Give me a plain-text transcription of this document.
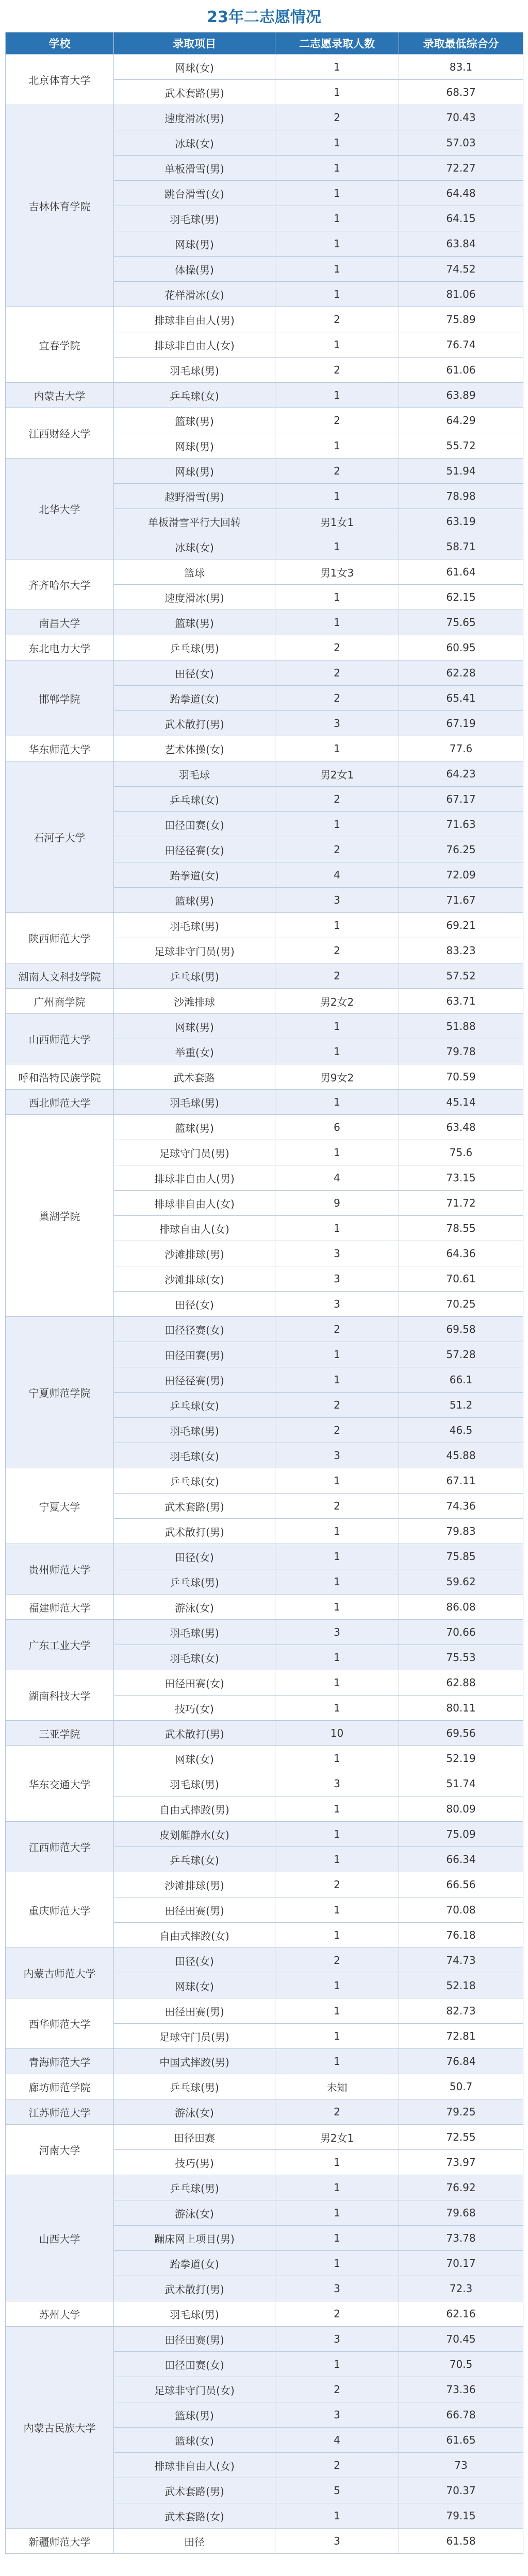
23年二志愿情况
学校	录取项目	二志愿录取人数	录取最低综合分
北京体育大学	网球(女)	1	83.1
	武术套路(男)	1	68.37
吉林体育学院	速度滑冰(男)	2	70.43
	冰球(女)	1	57.03
	单板滑雪(男)	1	72.27
	跳台滑雪(女)	1	64.48
	羽毛球(男)	1	64.15
	网球(男)	1	63.84
	体操(男)	1	74.52
	花样滑冰(女)	1	81.06
宜春学院	排球非自由人(男)	2	75.89
	排球非自由人(女)	1	76.74
	羽毛球(男)	2	61.06
内蒙古大学	乒乓球(女)	1	63.89
江西财经大学	篮球(男)	2	64.29
	网球(男)	1	55.72
北华大学	网球(男)	2	51.94
	越野滑雪(男)	1	78.98
	单板滑雪平行大回转	男1女1	63.19
	冰球(女)	1	58.71
齐齐哈尔大学	篮球	男1女3	61.64
	速度滑冰(男)	1	62.15
南昌大学	篮球(男)	1	75.65
东北电力大学	乒乓球(男)	2	60.95
邯郸学院	田径(女)	2	62.28
	跆拳道(女)	2	65.41
	武术散打(男)	3	67.19
华东师范大学	艺术体操(女)	1	77.6
石河子大学	羽毛球	男2女1	64.23
	乒乓球(女)	2	67.17
	田径田赛(女)	1	71.63
	田径径赛(女)	2	76.25
	跆拳道(女)	4	72.09
	篮球(男)	3	71.67
陕西师范大学	羽毛球(男)	1	69.21
	足球非守门员(男)	2	83.23
湖南人文科技学院	乒乓球(男)	2	57.52
广州商学院	沙滩排球	男2女2	63.71
山西师范大学	网球(男)	1	51.88
	举重(女)	1	79.78
呼和浩特民族学院	武术套路	男9女2	70.59
西北师范大学	羽毛球(男)	1	45.14
巢湖学院	篮球(男)	6	63.48
	足球守门员(男)	1	75.6
	排球非自由人(男)	4	73.15
	排球非自由人(女)	9	71.72
	排球自由人(女)	1	78.55
	沙滩排球(男)	3	64.36
	沙滩排球(女)	3	70.61
	田径(女)	3	70.25
宁夏师范学院	田径径赛(女)	2	69.58
	田径田赛(男)	1	57.28
	田径径赛(男)	1	66.1
	乒乓球(女)	2	51.2
	羽毛球(男)	2	46.5
	羽毛球(女)	3	45.88
宁夏大学	乒乓球(女)	1	67.11
	武术套路(男)	2	74.36
	武术散打(男)	1	79.83
贵州师范大学	田径(女)	1	75.85
	乒乓球(男)	1	59.62
福建师范大学	游泳(女)	1	86.08
广东工业大学	羽毛球(男)	3	70.66
	羽毛球(女)	1	75.53
湖南科技大学	田径田赛(女)	1	62.88
	技巧(女)	1	80.11
三亚学院	武术散打(男)	10	69.56
华东交通大学	网球(女)	1	52.19
	羽毛球(男)	3	51.74
	自由式摔跤(男)	1	80.09
江西师范大学	皮划艇静水(女)	1	75.09
	乒乓球(女)	1	66.34
重庆师范大学	沙滩排球(男)	2	66.56
	田径田赛(男)	1	70.08
	自由式摔跤(女)	1	76.18
内蒙古师范大学	田径(女)	2	74.73
	网球(女)	1	52.18
西华师范大学	田径田赛(男)	1	82.73
	足球守门员(男)	1	72.81
青海师范大学	中国式摔跤(男)	1	76.84
廊坊师范学院	乒乓球(男)	未知	50.7
江苏师范大学	游泳(女)	2	79.25
河南大学	田径田赛	男2女1	72.55
	技巧(男)	1	73.97
山西大学	乒乓球(男)	1	76.92
	游泳(女)	1	79.68
	蹦床网上项目(男)	1	73.78
	跆拳道(女)	1	70.17
	武术散打(男)	3	72.3
苏州大学	羽毛球(男)	2	62.16
内蒙古民族大学	田径田赛(男)	3	70.45
	田径田赛(女)	1	70.5
	足球非守门员(女)	2	73.36
	篮球(男)	3	66.78
	篮球(女)	4	61.65
	排球非自由人(女)	2	73
	武术套路(男)	5	70.37
	武术套路(女)	1	79.15
新疆师范大学	田径	3	61.58
